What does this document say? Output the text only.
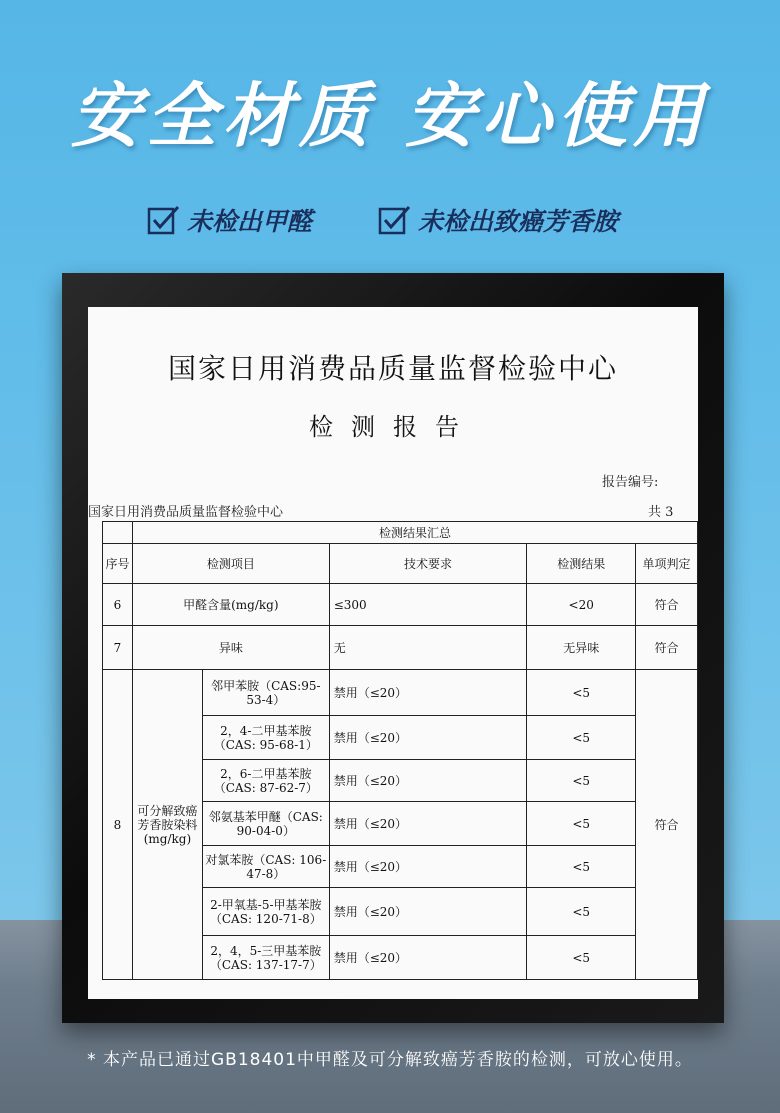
安全材质 安心使用
未检出甲醛	未检出致癌芳香胺
国家日用消费品质量监督检验中心
检测报告
报告编号:
国家日用消费品质量监督检验中心	共 3
	检测结果汇总				
序号	检测项目		技术要求	检测结果	单项判定
6	甲醛含量(mg/kg)		≤300	<20	符合
7	异味		无	无异味	符合
8	可分解致癌芳香胺染料(mg/kg)	邻甲苯胺（CAS:95-53-4）	禁用（≤20）	<5	符合
		2，4-二甲基苯胺（CAS: 95-68-1）	禁用（≤20）	<5	
		2，6-二甲基苯胺（CAS: 87-62-7）	禁用（≤20）	<5	
		邻氨基苯甲醚（CAS: 90-04-0）	禁用（≤20）	<5	
		对氯苯胺（CAS: 106-47-8）	禁用（≤20）	<5	
		2-甲氧基-5-甲基苯胺（CAS: 120-71-8）	禁用（≤20）	<5	
		2，4，5-三甲基苯胺（CAS: 137-17-7）	禁用（≤20）	<5	
* 本产品已通过GB18401中甲醛及可分解致癌芳香胺的检测，可放心使用。
